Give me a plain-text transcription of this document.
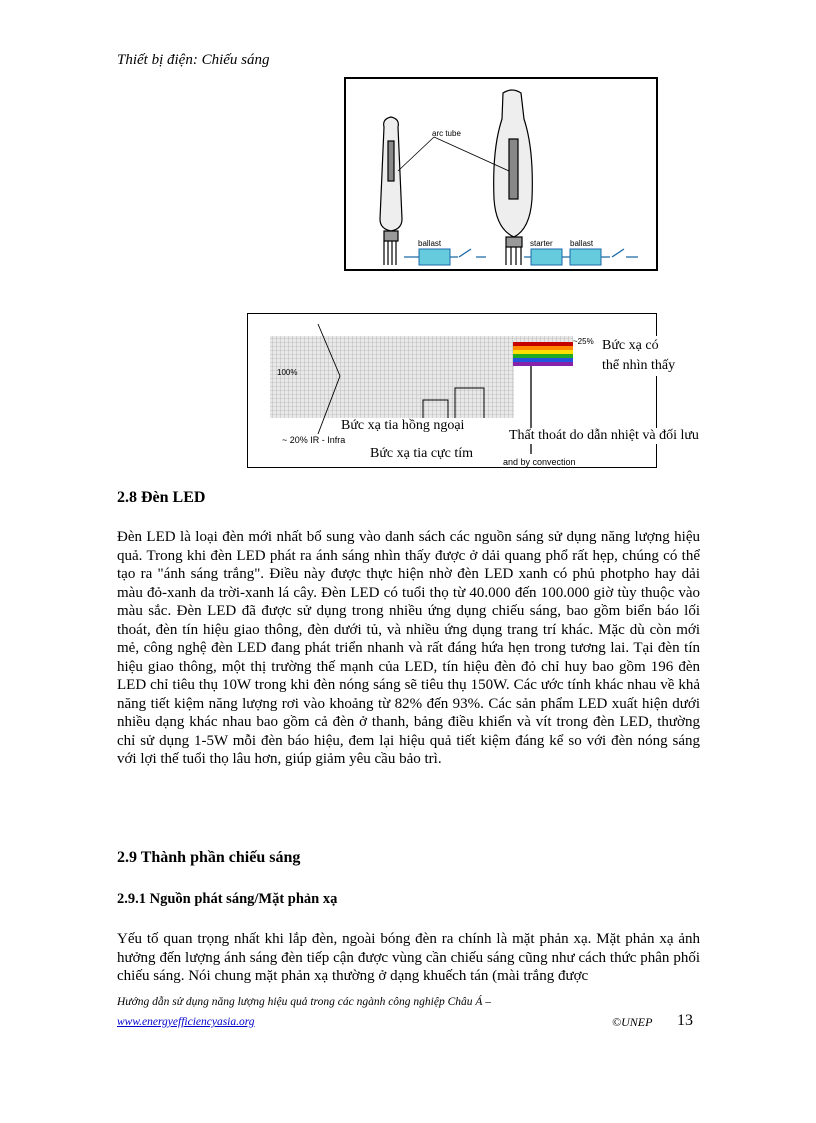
Thiết bị điện: Chiếu sáng
arc tube
ballast	starter ballast
~25%
100%
~ 20% IR - Infra
and by convection
Bức xạ có thể nhìn thấy
Bức xạ tia hồng ngoại
Thất thoát do dẫn nhiệt và đối lưu
Bức xạ tia cực tím
2.8 Đèn LED

Đèn LED là loại đèn mới nhất bổ sung vào danh sách các nguồn sáng sử dụng năng lượng hiệu quả. Trong khi đèn LED phát ra ánh sáng nhìn thấy được ở dải quang phổ rất hẹp, chúng có thể tạo ra "ánh sáng trắng". Điều này được thực hiện nhờ đèn LED xanh có phủ photpho hay dải màu đỏ-xanh da trời-xanh lá cây. Đèn LED có tuổi thọ từ 40.000 đến 100.000 giờ tùy thuộc vào màu sắc. Đèn LED đã được sử dụng trong nhiều ứng dụng chiếu sáng, bao gồm biển báo lối thoát, đèn tín hiệu giao thông, đèn dưới tủ, và nhiều ứng dụng trang trí khác. Mặc dù còn mới mẻ, công nghệ đèn LED đang phát triển nhanh và rất đáng hứa hẹn trong tương lai. Tại đèn tín hiệu giao thông, một thị trường thế mạnh của LED, tín hiệu đèn đỏ chỉ huy bao gồm 196 đèn LED chỉ tiêu thụ 10W trong khi đèn nóng sáng sẽ tiêu thụ 150W. Các ước tính khác nhau về khả năng tiết kiệm năng lượng rơi vào khoảng từ 82% đến 93%. Các sản phẩm LED xuất hiện dưới nhiều dạng khác nhau bao gồm cả đèn ở thanh, bảng điều khiển và vít trong đèn LED, thường chỉ sử dụng 1-5W mỗi đèn báo hiệu, đem lại hiệu quả tiết kiệm đáng kể so với đèn nóng sáng với lợi thế tuổi thọ lâu hơn, giúp giảm yêu cầu bảo trì.

2.9 Thành phần chiếu sáng
2.9.1 Nguồn phát sáng/Mặt phản xạ

Yếu tố quan trọng nhất khi lắp đèn, ngoài bóng đèn ra chính là mặt phản xạ. Mặt phản xạ ảnh hưởng đến lượng ánh sáng đèn tiếp cận được vùng cần chiếu sáng cũng như cách thức phân phối chiếu sáng. Nói chung mặt phản xạ thường ở dạng khuếch tán (mài trắng được

Hướng dẫn sử dụng năng lượng hiệu quả trong các ngành công nghiệp Châu Á –
www.energyefficiencyasia.org	©UNEP 13
